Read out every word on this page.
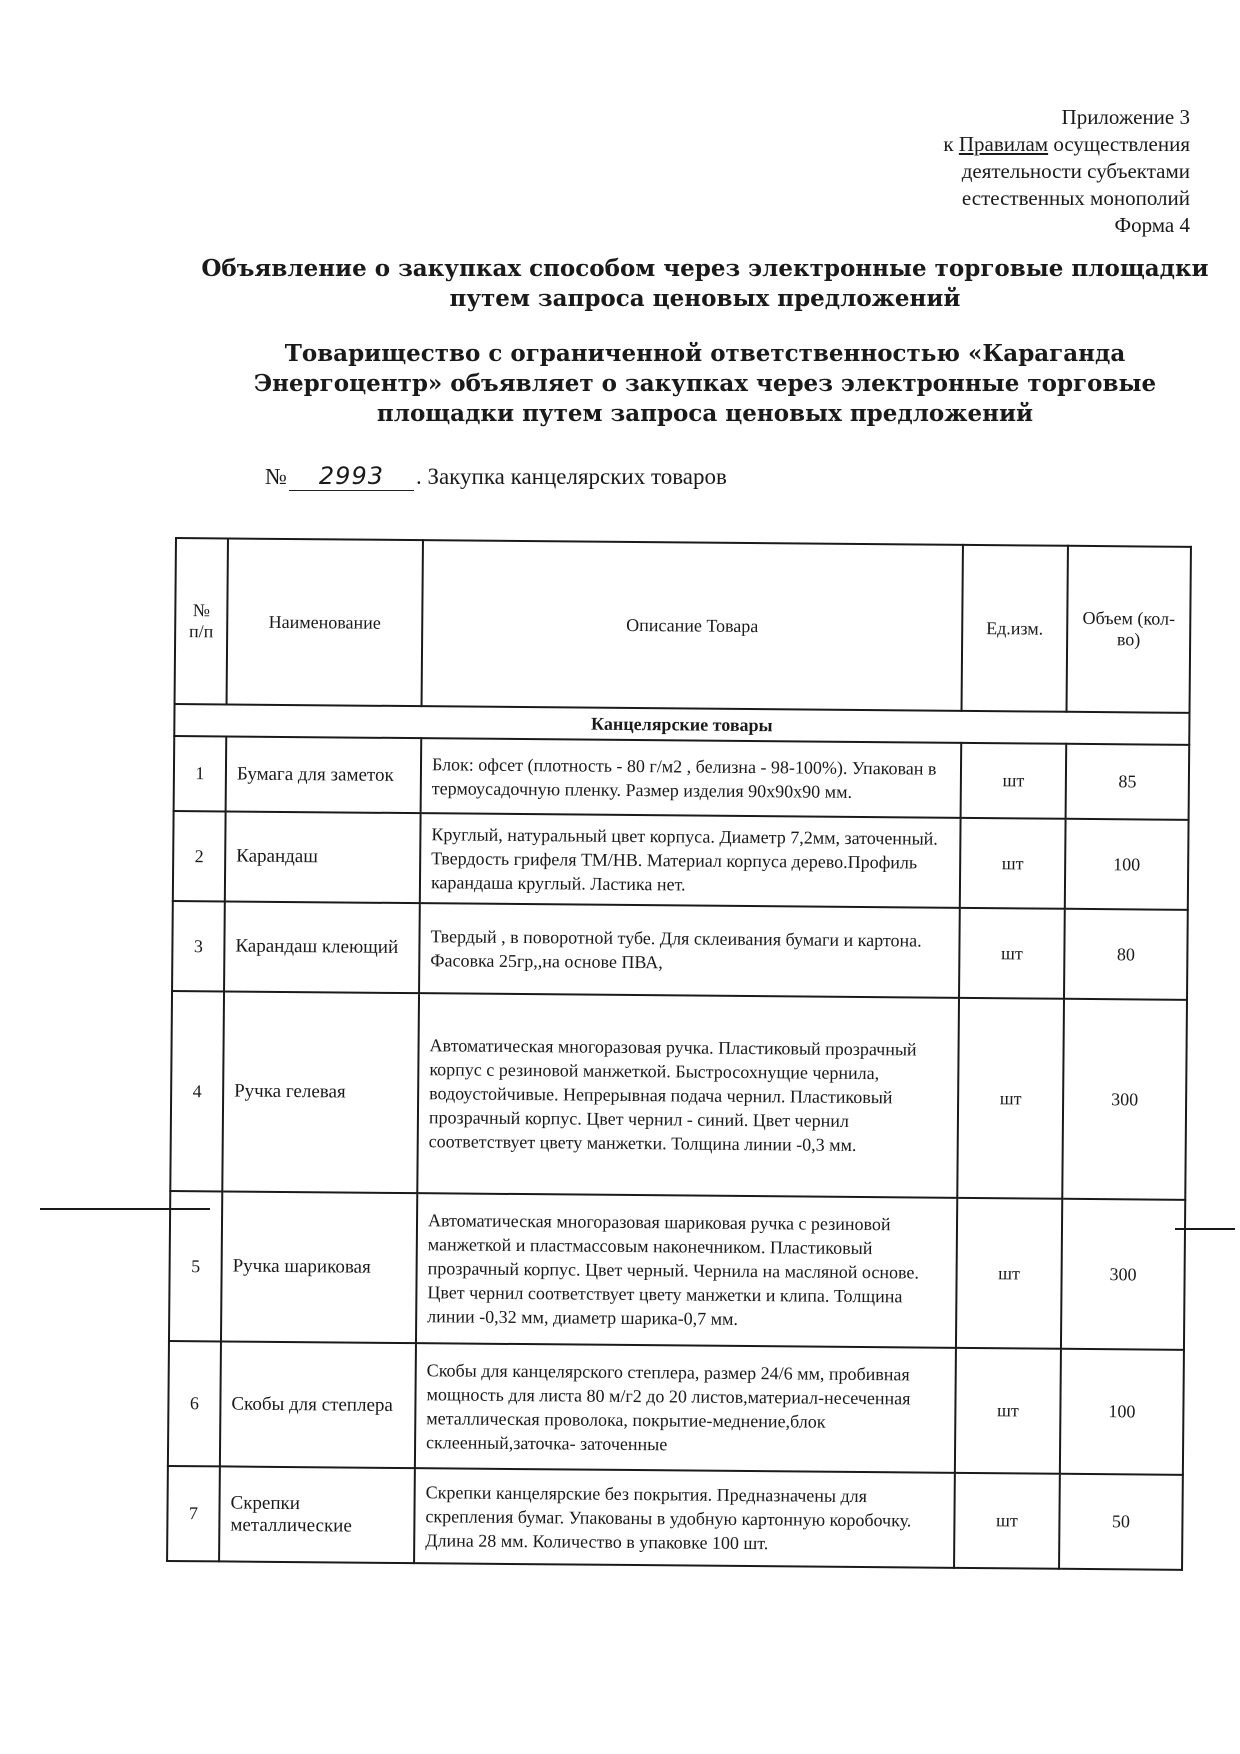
Приложение 3
к Правилам осуществления
деятельности субъектами
естественных монополий
Форма 4
Объявление о закупках способом через электронные торговые площадки путем запроса ценовых предложений
Товарищество с ограниченной ответственностью «Караганда Энергоцентр» объявляет о закупках через электронные торговые площадки путем запроса ценовых предложений
№ 2993 . Закупка канцелярских товаров
№ п/п	Наименование	Описание Товара	Ед.изм.	Объем (кол-во)
Канцелярские товары				
1	Бумага для заметок	Блок: офсет (плотность - 80 г/м2 , белизна - 98-100%). Упакован в термоусадочную пленку. Размер изделия 90х90х90 мм.	шт	85
2	Карандаш	Круглый, натуральный цвет корпуса. Диаметр 7,2мм, заточенный. Твердость грифеля ТМ/НВ. Материал корпуса дерево.Профиль карандаша круглый. Ластика нет.	шт	100
3	Карандаш клеющий	Твердый , в поворотной тубе. Для склеивания бумаги и картона. Фасовка 25гр,,на основе ПВА,	шт	80
4	Ручка гелевая	Автоматическая многоразовая ручка. Пластиковый прозрачный корпус с резиновой манжеткой. Быстросохнущие чернила, водоустойчивые. Непрерывная подача чернил. Пластиковый прозрачный корпус. Цвет чернил - синий. Цвет чернил соответствует цвету манжетки. Толщина линии -0,3 мм.	шт	300
5	Ручка шариковая	Автоматическая многоразовая шариковая ручка с резиновой манжеткой и пластмассовым наконечником. Пластиковый прозрачный корпус. Цвет черный. Чернила на масляной основе. Цвет чернил соответствует цвету манжетки и клипа. Толщина линии -0,32 мм, диаметр шарика-0,7 мм.	шт	300
6	Скобы для степлера	Скобы для канцелярского степлера, размер 24/6 мм, пробивная мощность для листа 80 м/г2 до 20 листов,материал-несеченная металлическая проволока, покрытие-меднение,блок склеенный,заточка- заточенные	шт	100
7	Скрепки металлические	Скрепки канцелярские без покрытия. Предназначены для скрепления бумаг. Упакованы в удобную картонную коробочку. Длина 28 мм. Количество в упаковке 100 шт.	шт	50
